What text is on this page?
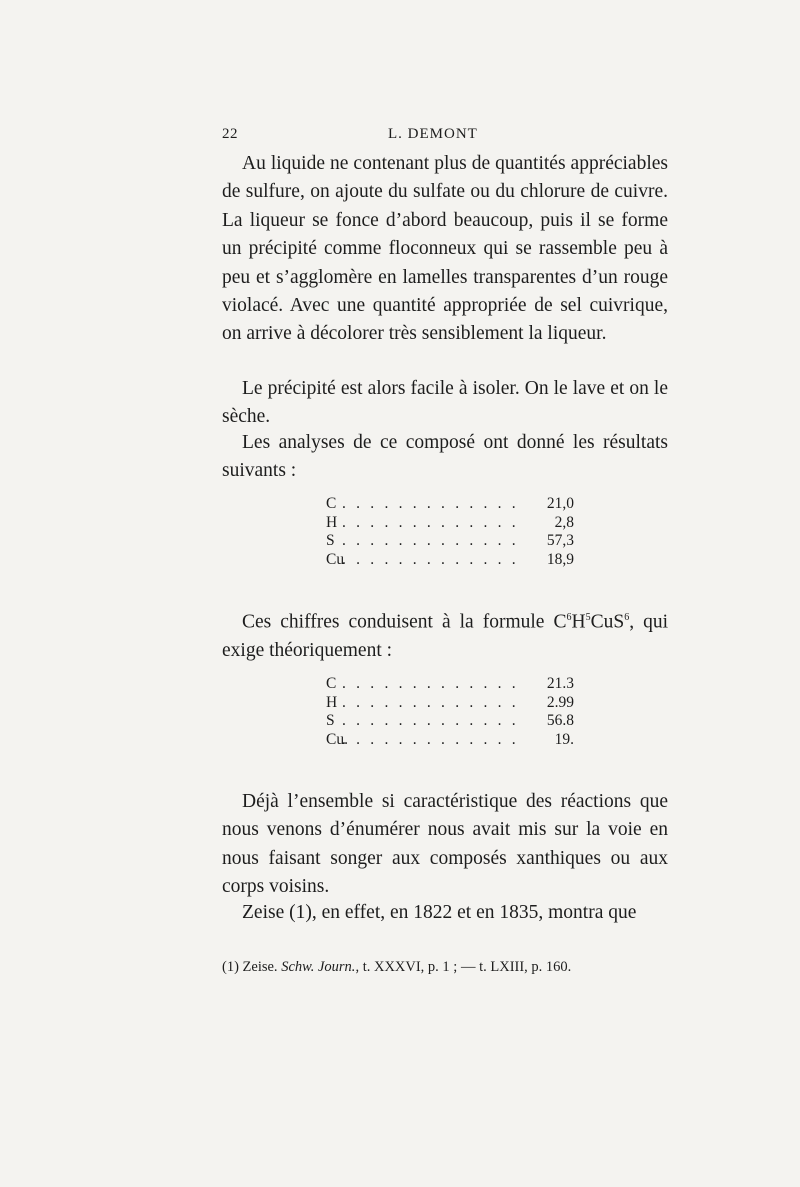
22	L. DEMONT

Au liquide ne contenant plus de quantités appréciables de sulfure, on ajoute du sulfate ou du chlorure de cuivre. La liqueur se fonce d’abord beaucoup, puis il se forme un précipité comme floconneux qui se rassemble peu à peu et s’agglomère en lamelles transparentes d’un rouge violacé. Avec une quantité appropriée de sel cuivrique, on arrive à décolorer très sensiblement la liqueur.

Le précipité est alors facile à isoler. On le lave et on le sèche.

Les analyses de ce composé ont donné les résultats suivants :

C . . . . . . . . . . . . . 21,0
H . . . . . . . . . . . . . 2,8
S . . . . . . . . . . . . . 57,3
Cu
. . . . . . . . . . . . . 18,9

Ces chiffres conduisent à la formule $C^6H^5CuS^6$, qui exige théoriquement :

C . . . . . . . . . . . . . 21.3
H . . . . . . . . . . . . . 2.99
S . . . . . . . . . . . . . 56.8
Cu.
. . . . . . . . . . . . . 19.

Déjà l’ensemble si caractéristique des réactions que nous venons d’énumérer nous avait mis sur la voie en nous faisant songer aux composés xanthiques ou aux corps voisins.

Zeise (1), en effet, en 1822 et en 1835, montra que

(1) Zeise. Schw. Journ., t. XXXVI, p. 1 ; — t. LXIII, p. 160.
